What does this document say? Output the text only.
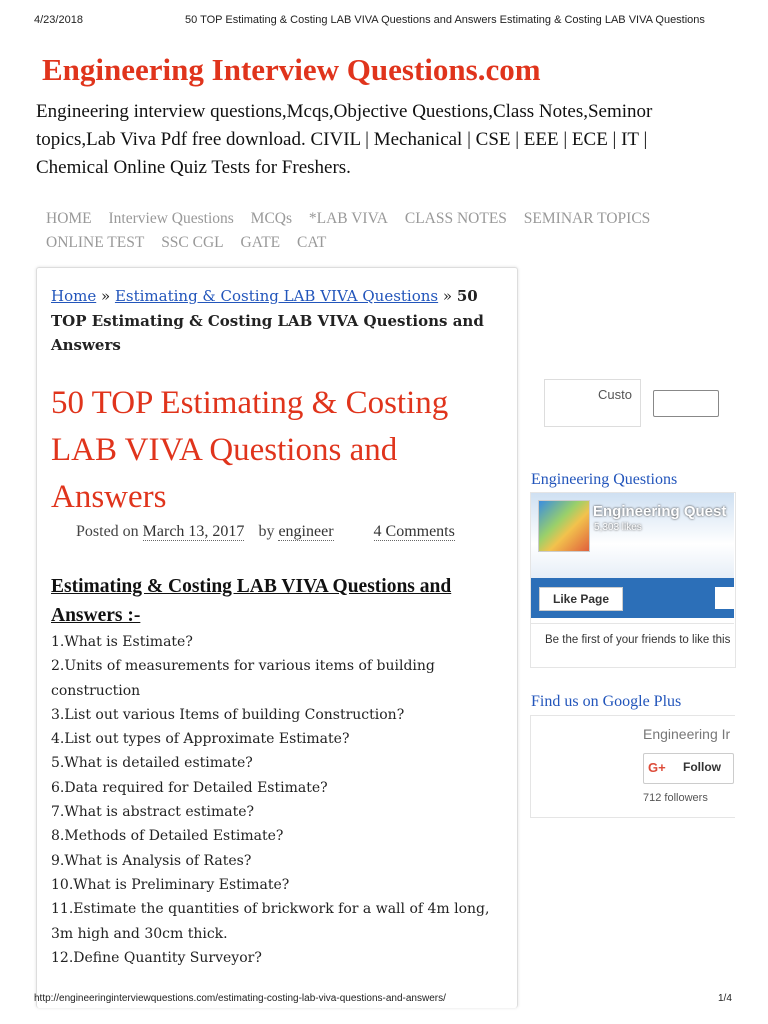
4/23/2018	50 TOP Estimating & Costing LAB VIVA Questions and Answers Estimating & Costing LAB VIVA Questions
Engineering Interview Questions.com
Engineering interview questions,Mcqs,Objective Questions,Class Notes,Seminor topics,Lab Viva Pdf free download. CIVIL | Mechanical | CSE | EEE | ECE | IT | Chemical Online Quiz Tests for Freshers.
HOME Interview Questions MCQs *LAB VIVA CLASS NOTES SEMINAR TOPICS ONLINE TEST SSC CGL GATE CAT
Home » Estimating & Costing LAB VIVA Questions » 50 TOP Estimating & Costing LAB VIVA Questions and Answers
50 TOP Estimating & Costing LAB VIVA Questions and Answers
Posted on March 13, 2017 by engineer	4 Comments
Estimating & Costing LAB VIVA Questions and Answers :-
1.What is Estimate?
2.Units of measurements for various items of building construction
3.List out various Items of building Construction?
4.List out types of Approximate Estimate?
5.What is detailed estimate?
6.Data required for Detailed Estimate?
7.What is abstract estimate?
8.Methods of Detailed Estimate?
9.What is Analysis of Rates?
10.What is Preliminary Estimate?
11.Estimate the quantities of brickwork for a wall of 4m long, 3m high and 30cm thick.
12.Define Quantity Surveyor?
Custo
Engineering Questions
Engineering Quest
5,303 likes
Like Page
Be the first of your friends to like this
Find us on Google Plus
Engineering Ir
G+ Follow
712 followers
http://engineeringinterviewquestions.com/estimating-costing-lab-viva-questions-and-answers/	1/4
